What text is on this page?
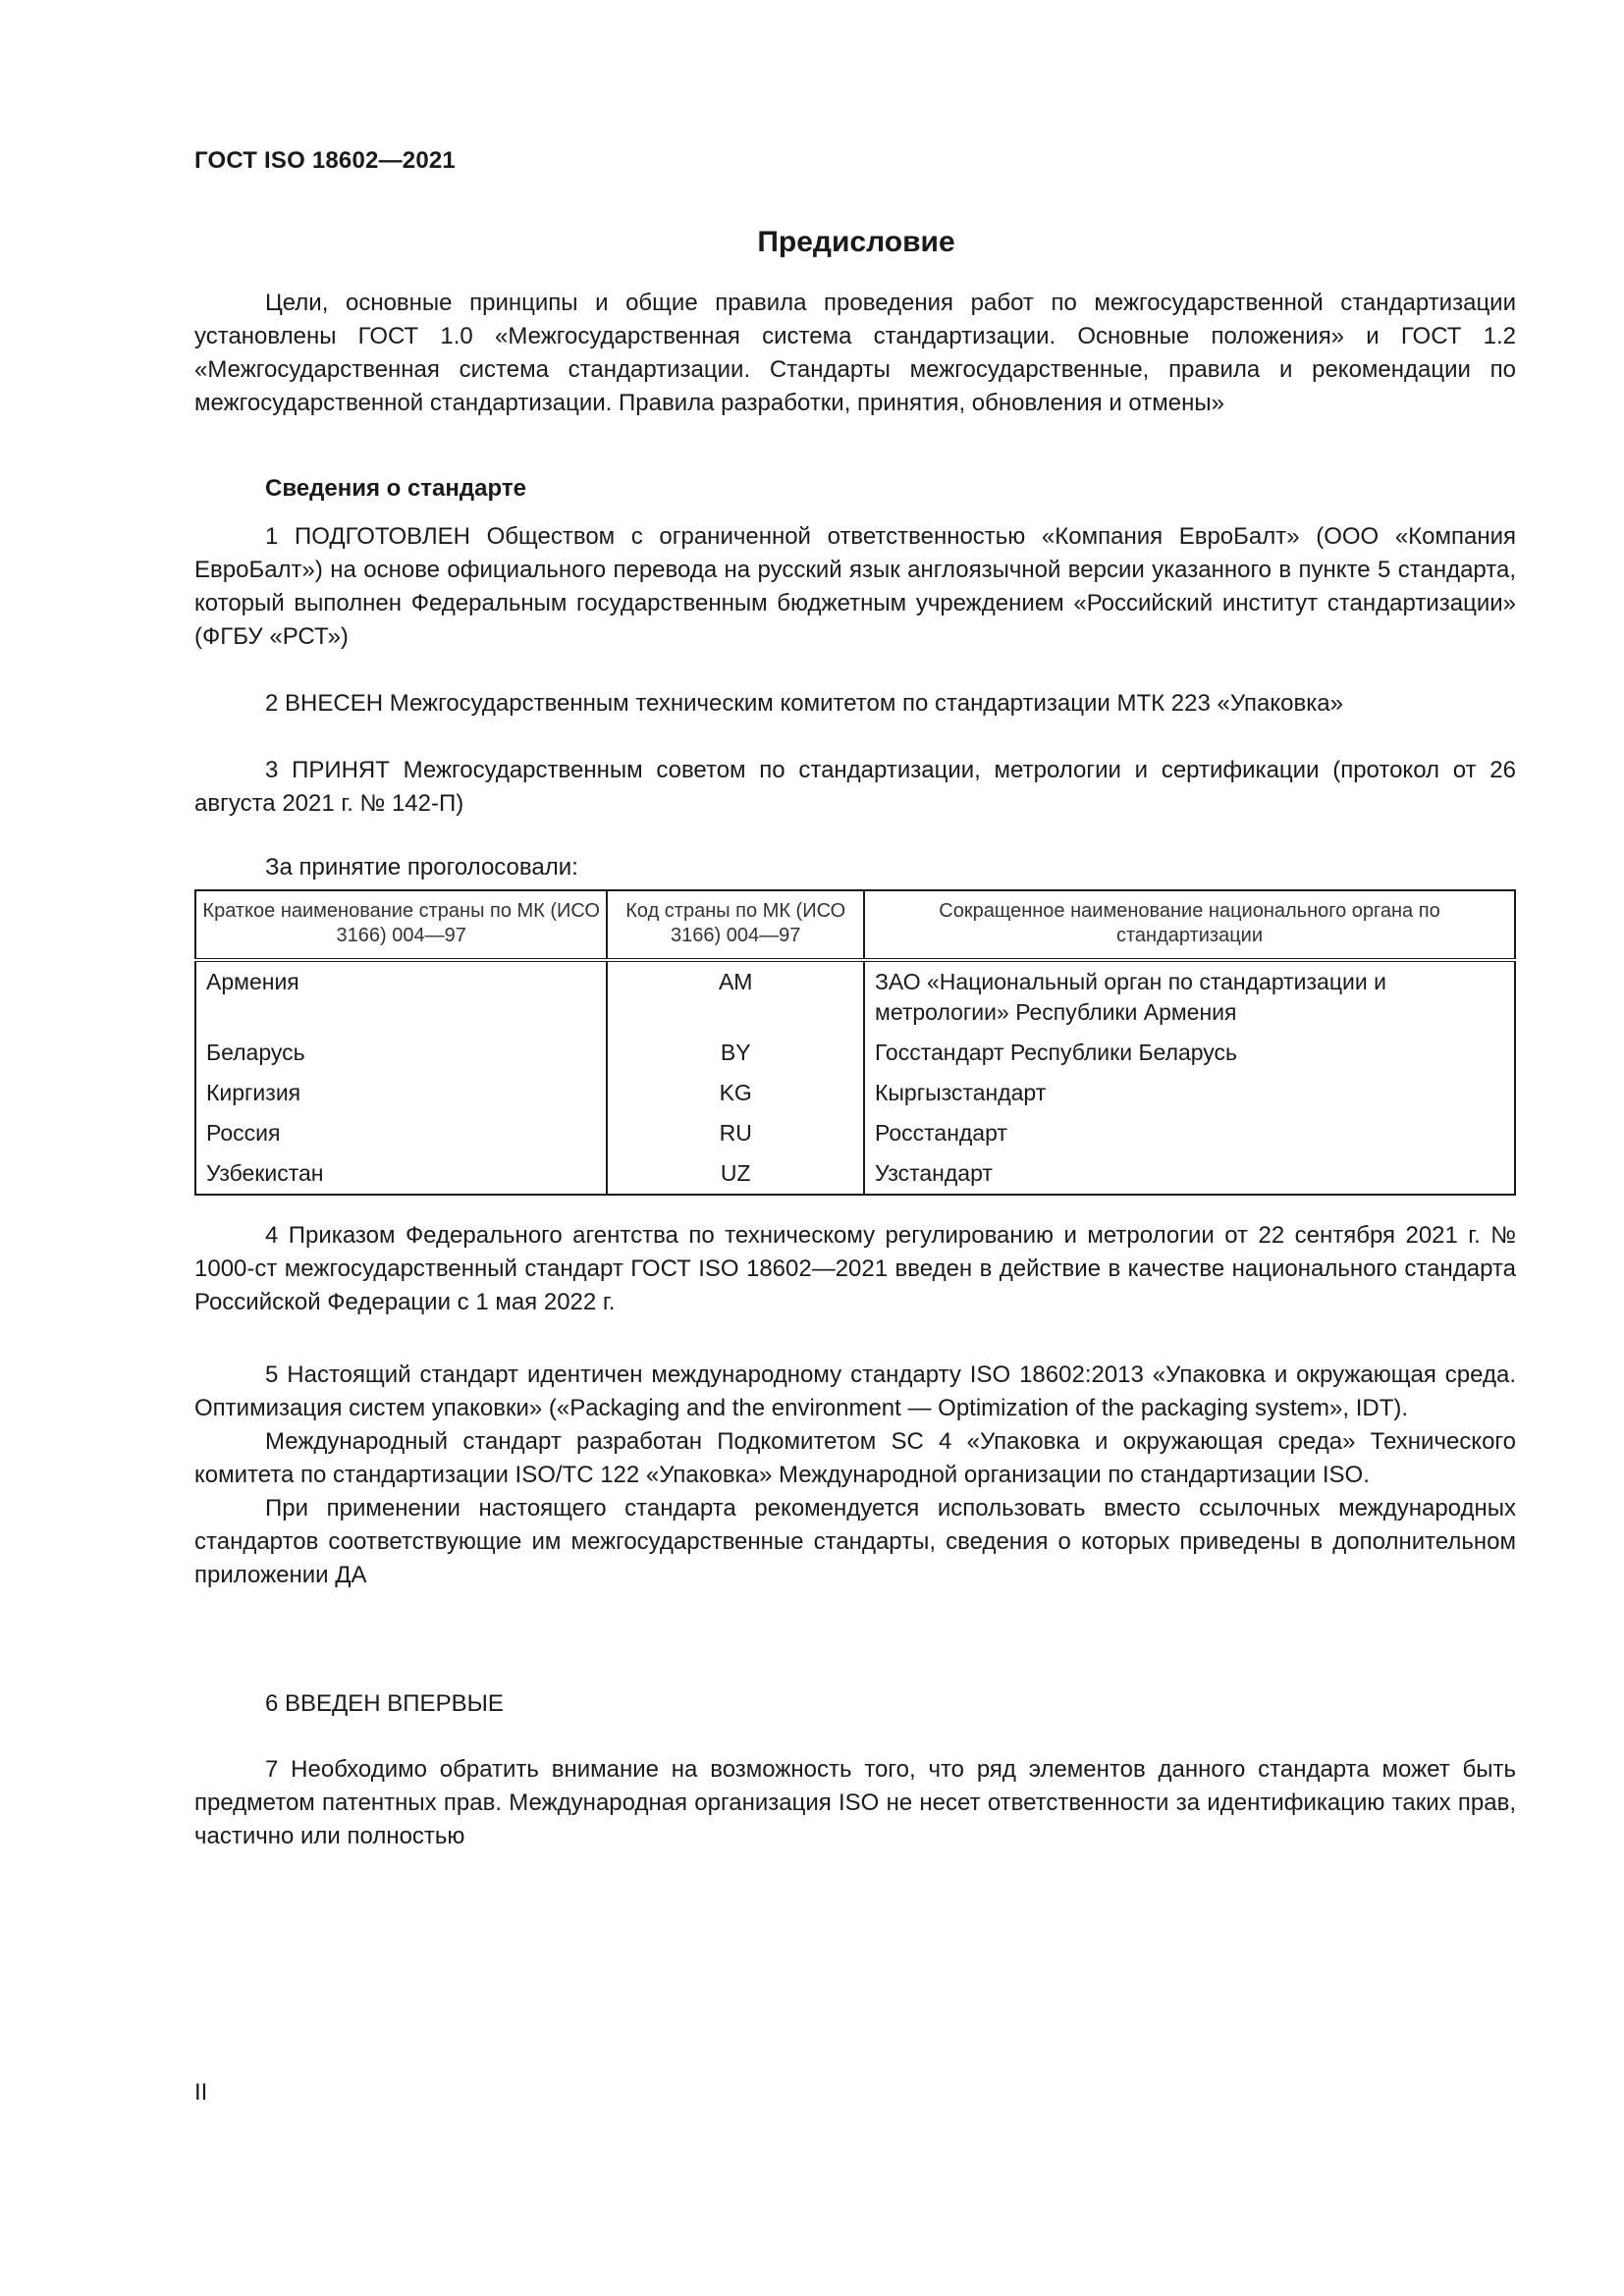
ГОСТ ISO 18602—2021
Предисловие

Цели, основные принципы и общие правила проведения работ по межгосударственной стандартизации установлены ГОСТ 1.0 «Межгосударственная система стандартизации. Основные положения» и ГОСТ 1.2 «Межгосударственная система стандартизации. Стандарты межгосударственные, правила и рекомендации по межгосударственной стандартизации. Правила разработки, принятия, обновления и отмены»

Сведения о стандарте

1 ПОДГОТОВЛЕН Обществом с ограниченной ответственностью «Компания ЕвроБалт» (ООО «Компания ЕвроБалт») на основе официального перевода на русский язык англоязычной версии указанного в пункте 5 стандарта, который выполнен Федеральным государственным бюджетным учреждением «Российский институт стандартизации» (ФГБУ «РСТ»)

2 ВНЕСЕН Межгосударственным техническим комитетом по стандартизации МТК 223 «Упаковка»

3 ПРИНЯТ Межгосударственным советом по стандартизации, метрологии и сертификации (протокол от 26 августа 2021 г. № 142-П)

За принятие проголосовали:
Краткое наименование страны по МК (ИСО 3166) 004—97	Код страны по МК (ИСО 3166) 004—97	Сокращенное наименование национального органа по стандартизации
Армения	AM	ЗАО «Национальный орган по стандартизации и метрологии» Республики Армения
Беларусь	BY	Госстандарт Республики Беларусь
Киргизия	KG	Кыргызстандарт
Россия	RU	Росстандарт
Узбекистан	UZ	Узстандарт

4 Приказом Федерального агентства по техническому регулированию и метрологии от 22 сентября 2021 г. № 1000-ст межгосударственный стандарт ГОСТ ISO 18602—2021 введен в действие в качестве национального стандарта Российской Федерации с 1 мая 2022 г.

5 Настоящий стандарт идентичен международному стандарту ISO 18602:2013 «Упаковка и окружающая среда. Оптимизация систем упаковки» («Packaging and the environment — Optimization of the packaging system», IDT).

Международный стандарт разработан Подкомитетом SC 4 «Упаковка и окружающая среда» Технического комитета по стандартизации ISO/TC 122 «Упаковка» Международной организации по стандартизации ISO.

При применении настоящего стандарта рекомендуется использовать вместо ссылочных международных стандартов соответствующие им межгосударственные стандарты, сведения о которых приведены в дополнительном приложении ДА

6 ВВЕДЕН ВПЕРВЫЕ

7 Необходимо обратить внимание на возможность того, что ряд элементов данного стандарта может быть предметом патентных прав. Международная организация ISO не несет ответственности за идентификацию таких прав, частично или полностью

II
